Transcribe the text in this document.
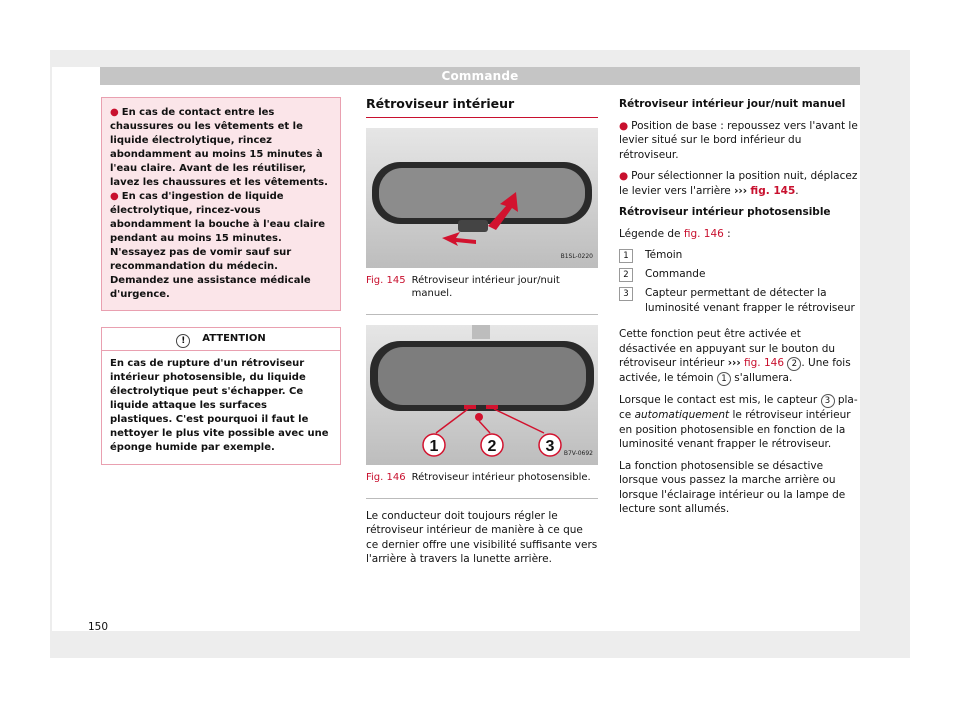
Commande

● En cas de contact entre les chaussures ou les vêtements et le liquide électrolytique, rincez abondamment au moins 15 minutes à l'eau claire. Avant de les réutiliser, lavez les chaussures et les vêtements.

● En cas d'ingestion de liquide électrolytique, rincez-vous abondamment la bouche à l'eau claire pendant au moins 15 minutes. N'essayez pas de vomir sauf sur recommandation du médecin. Demandez une assistance médicale d'urgence.

! ATTENTION
En cas de rupture d'un rétroviseur intérieur photosensible, du liquide électrolytique peut s'échapper. Ce liquide attaque les surfaces plastiques. C'est pourquoi il faut le nettoyer le plus vite possible avec une éponge humide par exemple.
Rétroviseur intérieur
B1SL-0220
Fig. 145 Rétroviseur intérieur jour/nuit manuel.
1	2	3 B7V-0692
Fig. 146 Rétroviseur intérieur photosensible.

Le conducteur doit toujours régler le rétroviseur intérieur de manière à ce que ce dernier offre une visibilité suffisante vers l'arrière à travers la lunette arrière.

Rétroviseur intérieur jour/nuit manuel

● Position de base : repoussez vers l'avant le levier situé sur le bord inférieur du rétroviseur.

● Pour sélectionner la position nuit, déplacez le levier vers l'arrière ››› fig. 145.

Rétroviseur intérieur photosensible

Légende de fig. 146 :

1	Témoin
2	Commande
3	Capteur permettant de détecter la luminosité venant frapper le rétroviseur

Cette fonction peut être activée et désactivée en appuyant sur le bouton du rétroviseur intérieur ››› fig. 146 2 . Une fois activée, le témoin 1 s'allumera.

Lorsque le contact est mis, le capteur 3 pla-ce automatiquement le rétroviseur intérieur en position photosensible en fonction de la luminosité venant frapper le rétroviseur.

La fonction photosensible se désactive lorsque vous passez la marche arrière ou lorsque l'éclairage intérieur ou la lampe de lecture sont allumés.

150
